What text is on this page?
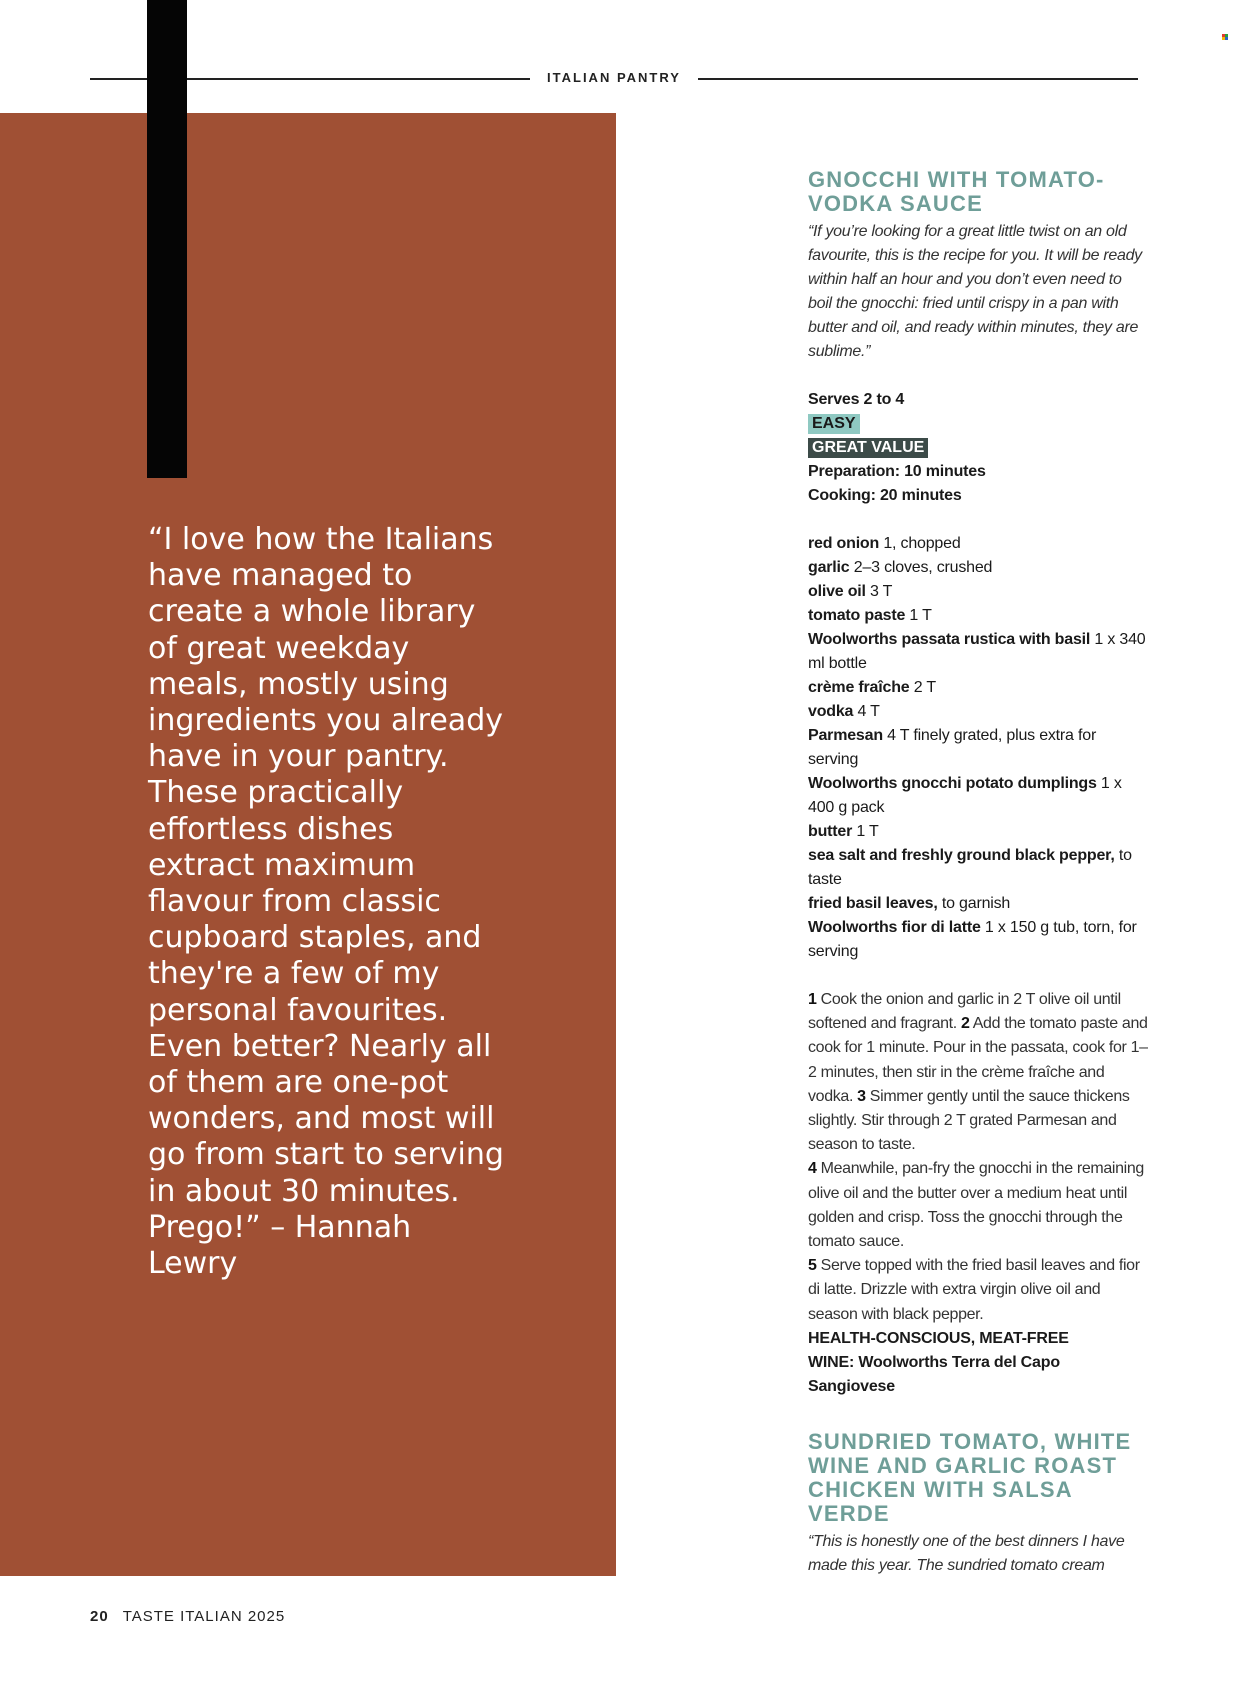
ITALIAN PANTRY
“I love how the Italians have managed to create a whole library of great weekday meals, mostly using ingredients you already have in your pantry. These practically effortless dishes extract maximum flavour from classic cupboard staples, and they're a few of my personal favourites. Even better? Nearly all of them are one-pot wonders, and most will go from start to serving in about 30 minutes. Prego!” – Hannah Lewry
GNOCCHI WITH TOMATO-VODKA SAUCE
“If you’re looking for a great little twist on an old favourite, this is the recipe for you. It will be ready within half an hour and you don’t even need to boil the gnocchi: fried until crispy in a pan with butter and oil, and ready within minutes, they are sublime.”
Serves 2 to 4
EASY
GREAT VALUE
Preparation: 10 minutes
Cooking: 20 minutes
red onion 1, chopped
garlic 2–3 cloves, crushed
olive oil 3 T
tomato paste 1 T
Woolworths passata rustica with basil 1 x 340 ml bottle
crème fraîche 2 T
vodka 4 T
Parmesan 4 T finely grated, plus extra for serving
Woolworths gnocchi potato dumplings 1 x 400 g pack
butter 1 T
sea salt and freshly ground black pepper, to taste
fried basil leaves, to garnish
Woolworths fior di latte 1 x 150 g tub, torn, for serving
1 Cook the onion and garlic in 2 T olive oil until softened and fragrant. 2 Add the tomato paste and cook for 1 minute. Pour in the passata, cook for 1–2 minutes, then stir in the crème fraîche and vodka. 3 Simmer gently until the sauce thickens slightly. Stir through 2 T grated Parmesan and season to taste.
4 Meanwhile, pan-fry the gnocchi in the remaining olive oil and the butter over a medium heat until golden and crisp. Toss the gnocchi through the tomato sauce.
5 Serve topped with the fried basil leaves and fior di latte. Drizzle with extra virgin olive oil and season with black pepper.
HEALTH-CONSCIOUS, MEAT-FREE
WINE: Woolworths Terra del Capo Sangiovese
SUNDRIED TOMATO, WHITE WINE AND GARLIC ROAST CHICKEN WITH SALSA VERDE
“This is honestly one of the best dinners I have made this year. The sundried tomato cream
20 TASTE ITALIAN 2025
